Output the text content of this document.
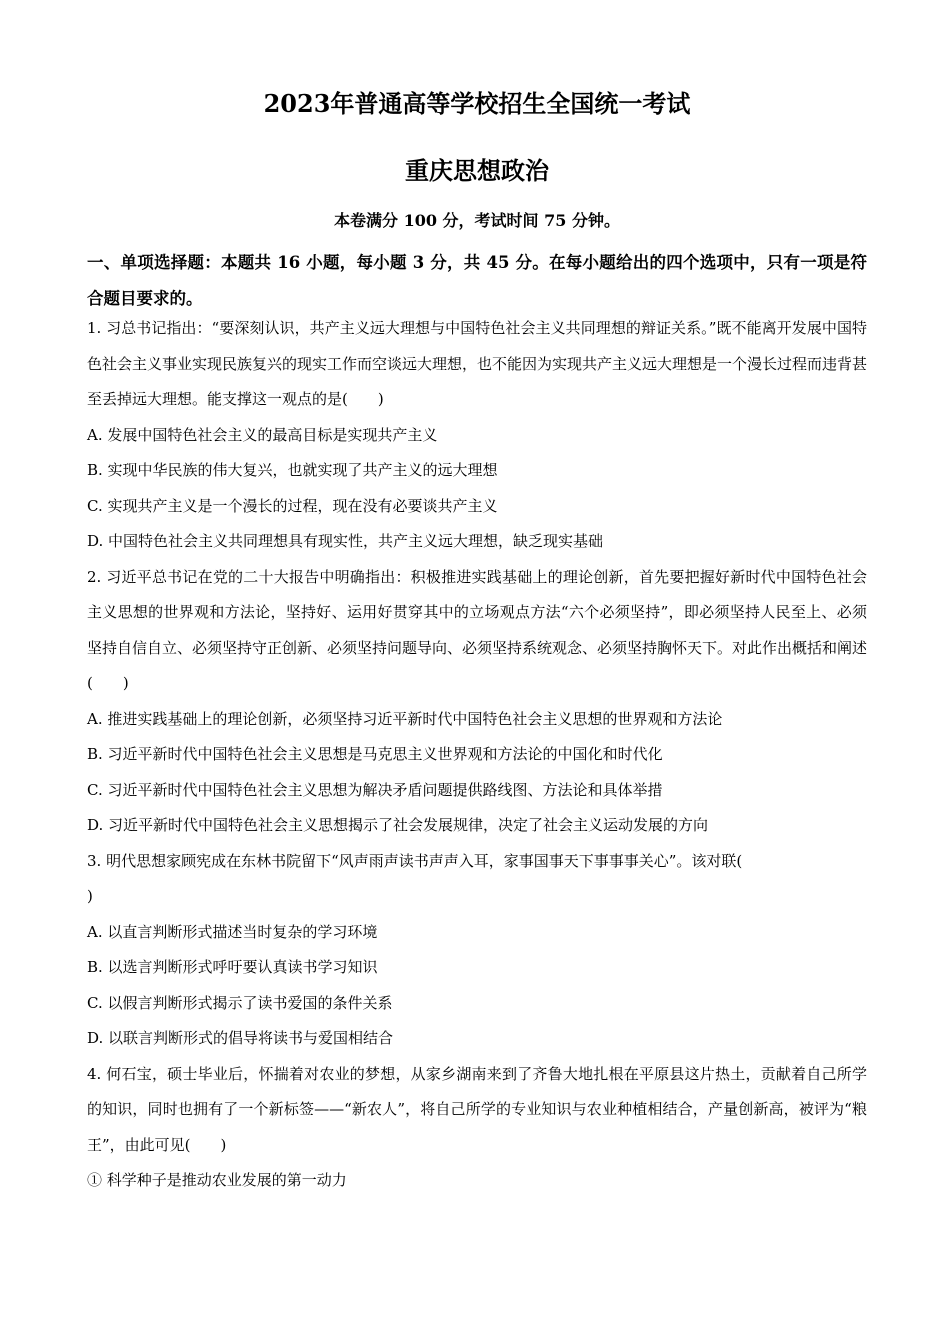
2023年普通高等学校招生全国统一考试
重庆思想政治
本卷满分 100 分，考试时间 75 分钟。
一、单项选择题：本题共 16 小题，每小题 3 分，共 45 分。在每小题给出的四个选项中，只有一项是符合题目要求的。

1. 习总书记指出：“要深刻认识，共产主义远大理想与中国特色社会主义共同理想的辩证关系。”既不能离开发展中国特色社会主义事业实现民族复兴的现实工作而空谈远大理想，也不能因为实现共产主义远大理想是一个漫长过程而违背甚至丢掉远大理想。能支撑这一观点的是(　　)

A. 发展中国特色社会主义的最高目标是实现共产主义

B. 实现中华民族的伟大复兴，也就实现了共产主义的远大理想

C. 实现共产主义是一个漫长的过程，现在没有必要谈共产主义

D. 中国特色社会主义共同理想具有现实性，共产主义远大理想，缺乏现实基础

2. 习近平总书记在党的二十大报告中明确指出：积极推进实践基础上的理论创新，首先要把握好新时代中国特色社会主义思想的世界观和方法论，坚持好、运用好贯穿其中的立场观点方法“六个必须坚持”，即必须坚持人民至上、必须坚持自信自立、必须坚持守正创新、必须坚持问题导向、必须坚持系统观念、必须坚持胸怀天下。对此作出概括和阐述(　　)

A. 推进实践基础上的理论创新，必须坚持习近平新时代中国特色社会主义思想的世界观和方法论

B. 习近平新时代中国特色社会主义思想是马克思主义世界观和方法论的中国化和时代化

C. 习近平新时代中国特色社会主义思想为解决矛盾问题提供路线图、方法论和具体举措

D. 习近平新时代中国特色社会主义思想揭示了社会发展规律，决定了社会主义运动发展的方向

3. 明代思想家顾宪成在东林书院留下“风声雨声读书声声入耳，家事国事天下事事事关心”。该对联(

)

A. 以直言判断形式描述当时复杂的学习环境

B. 以选言判断形式呼吁要认真读书学习知识

C. 以假言判断形式揭示了读书爱国的条件关系

D. 以联言判断形式的倡导将读书与爱国相结合

4. 何石宝，硕士毕业后，怀揣着对农业的梦想，从家乡湖南来到了齐鲁大地扎根在平原县这片热土，贡献着自己所学的知识，同时也拥有了一个新标签——“新农人”，将自己所学的专业知识与农业种植相结合，产量创新高，被评为“粮王”，由此可见(　　)

① 科学种子是推动农业发展的第一动力
